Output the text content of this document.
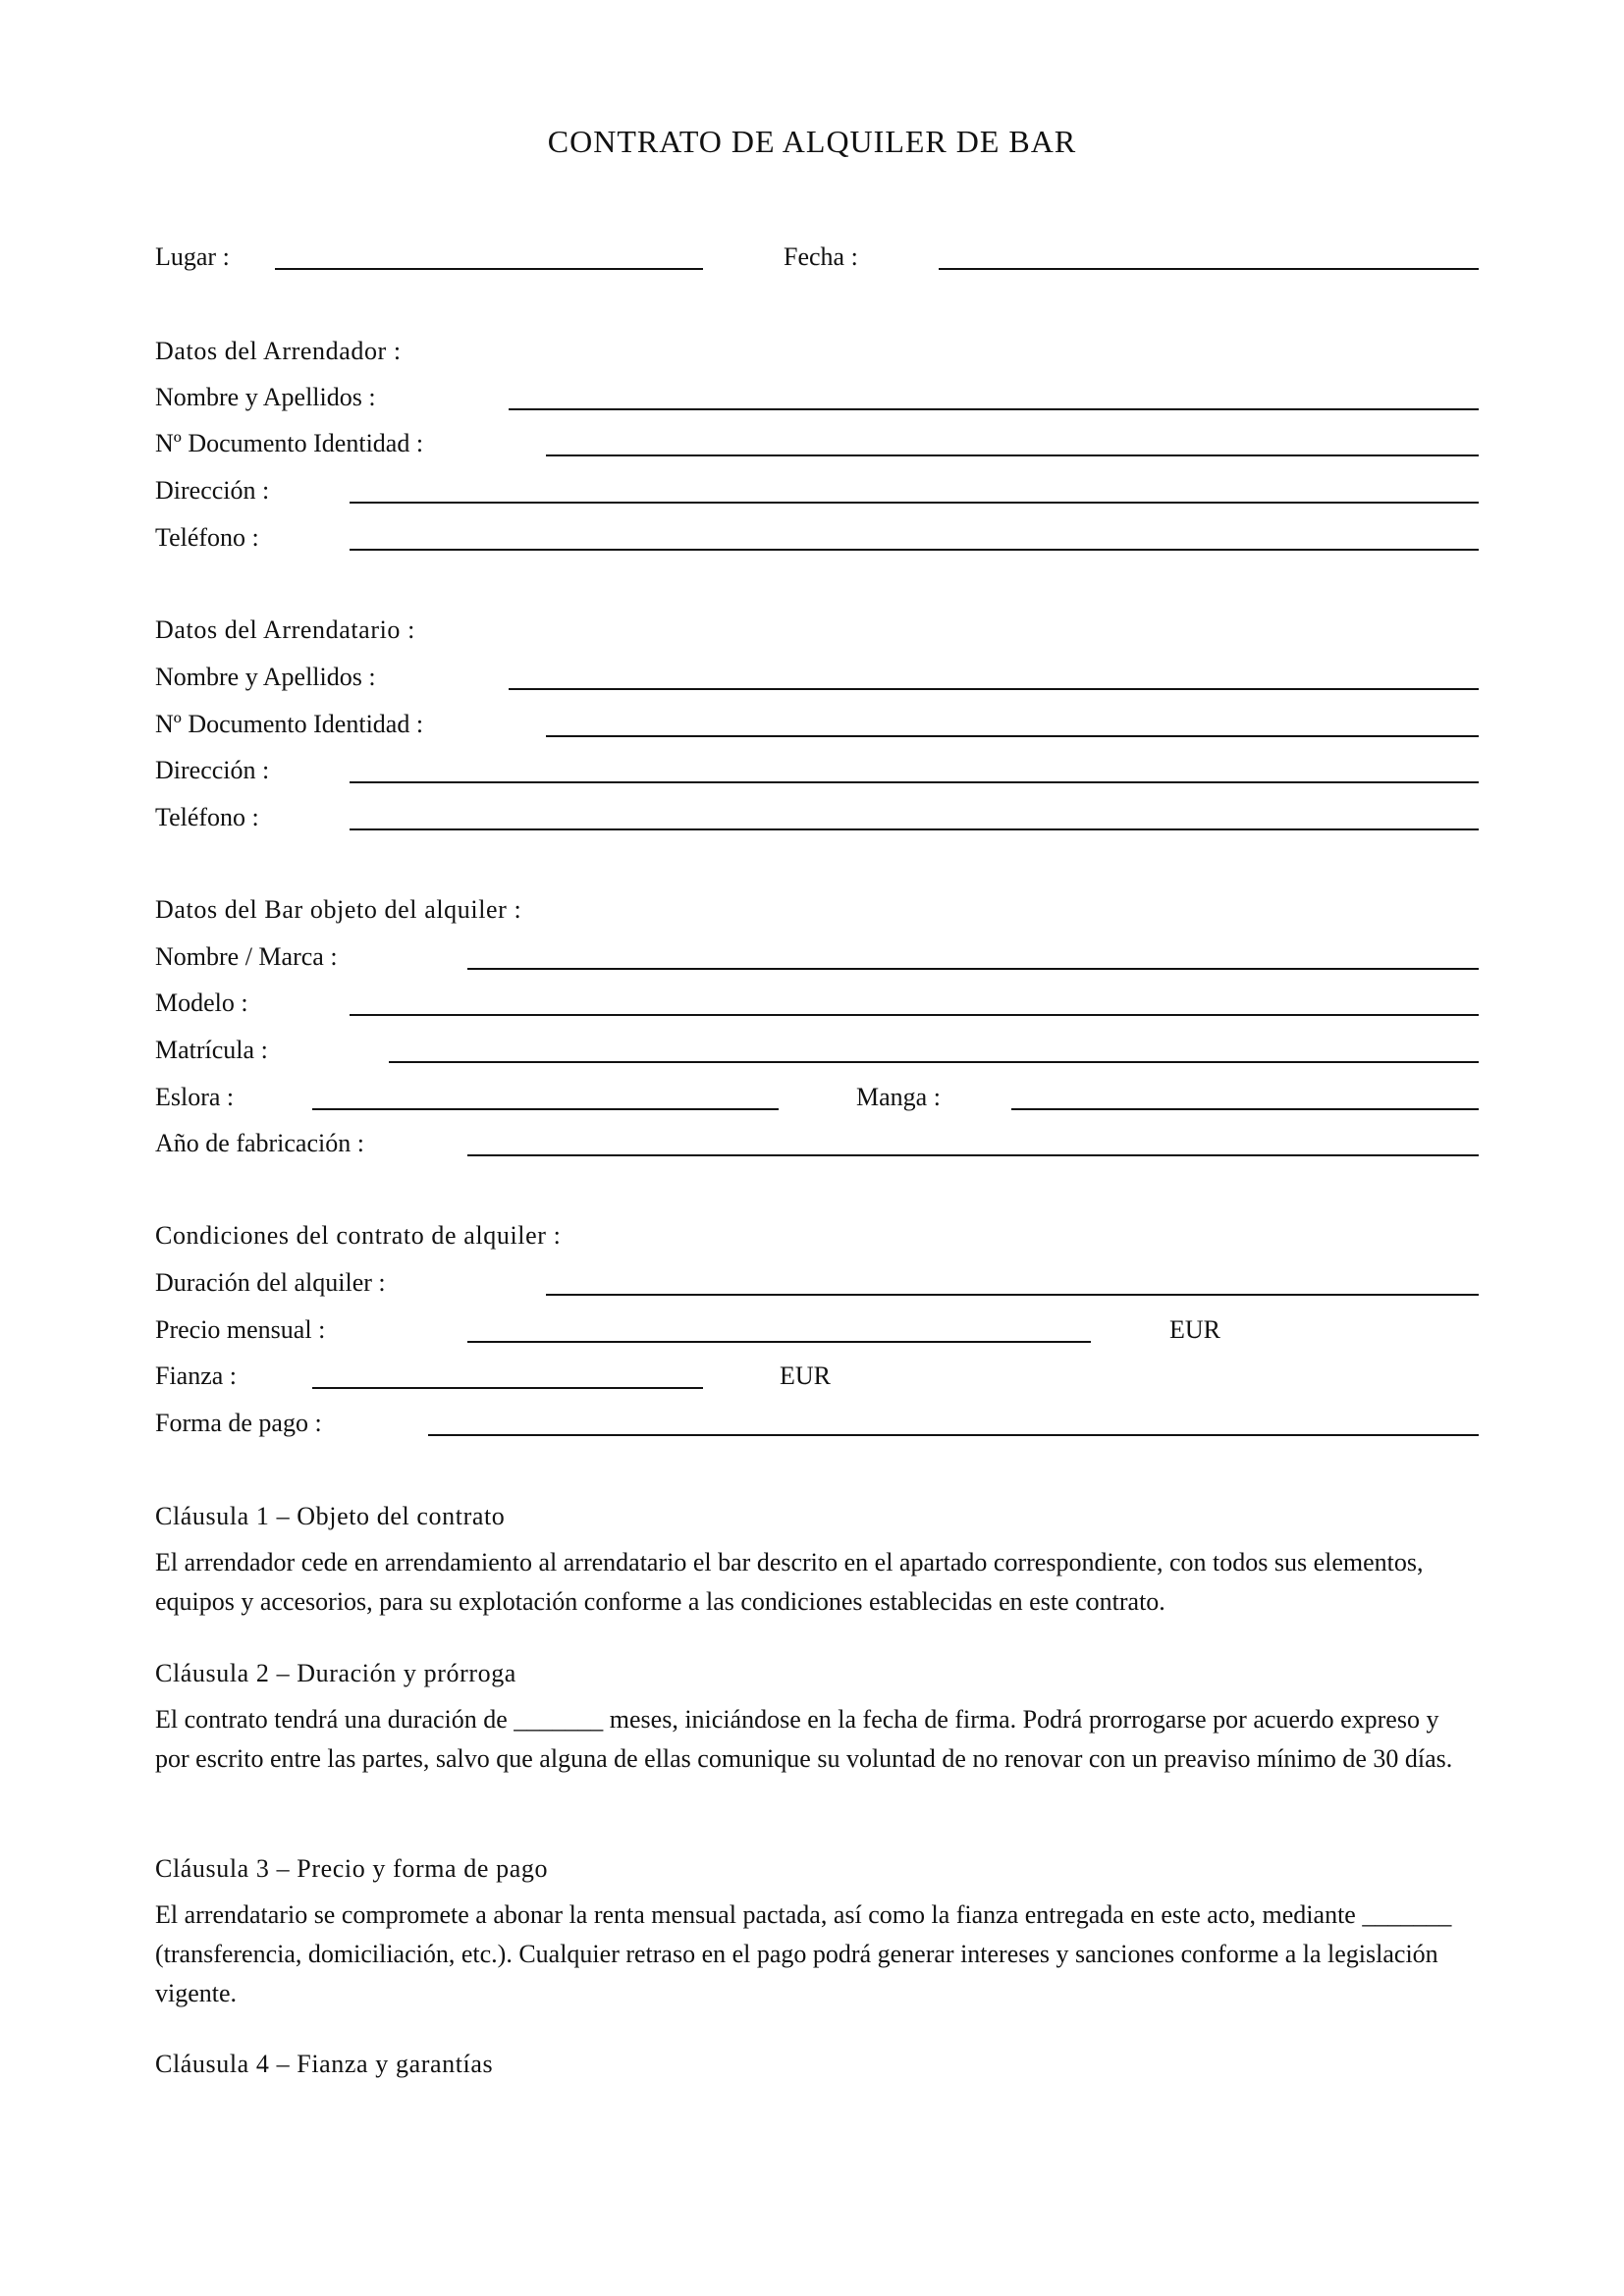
CONTRATO DE ALQUILER DE BAR
Lugar :	Fecha :
Datos del Arrendador :
Nombre y Apellidos :
Nº Documento Identidad :
Dirección :
Teléfono :
Datos del Arrendatario :
Nombre y Apellidos :
Nº Documento Identidad :
Dirección :
Teléfono :
Datos del Bar objeto del alquiler :
Nombre / Marca :
Modelo :
Matrícula :
Eslora :	Manga :
Año de fabricación :
Condiciones del contrato de alquiler :
Duración del alquiler :
Precio mensual :	EUR
Fianza :	EUR
Forma de pago :
Cláusula 1 – Objeto del contrato

El arrendador cede en arrendamiento al arrendatario el bar descrito en el apartado correspondiente, con todos sus elementos, equipos y accesorios, para su explotación conforme a las condiciones establecidas en este contrato.

Cláusula 2 – Duración y prórroga

El contrato tendrá una duración de _______ meses, iniciándose en la fecha de firma. Podrá prorrogarse por acuerdo expreso y por escrito entre las partes, salvo que alguna de ellas comunique su voluntad de no renovar con un preaviso mínimo de 30 días.

Cláusula 3 – Precio y forma de pago

El arrendatario se compromete a abonar la renta mensual pactada, así como la fianza entregada en este acto, mediante _______ (transferencia, domiciliación, etc.). Cualquier retraso en el pago podrá generar intereses y sanciones conforme a la legislación vigente.

Cláusula 4 – Fianza y garantías
